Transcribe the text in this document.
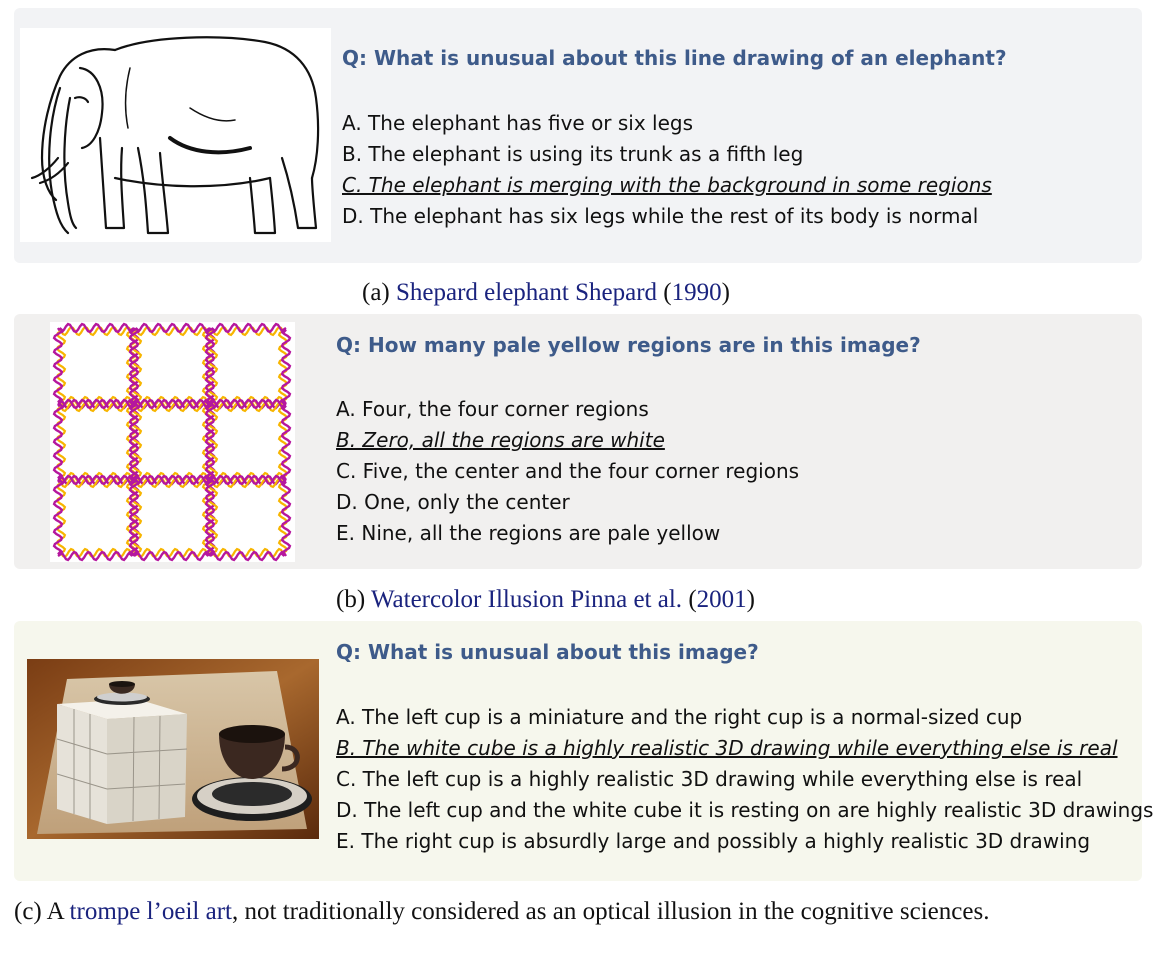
Q: What is unusual about this line drawing of an elephant?
A. The elephant has five or six legs
B. The elephant is using its trunk as a fifth leg
C. The elephant is merging with the background in some regions
D. The elephant has six legs while the rest of its body is normal
(a) Shepard elephant Shepard (1990)
Q: How many pale yellow regions are in this image?
A. Four, the four corner regions
B. Zero, all the regions are white
C. Five, the center and the four corner regions
D. One, only the center
E. Nine, all the regions are pale yellow
(b) Watercolor Illusion Pinna et al. (2001)
Q: What is unusual about this image?
A. The left cup is a miniature and the right cup is a normal-sized cup
B. The white cube is a highly realistic 3D drawing while everything else is real
C. The left cup is a highly realistic 3D drawing while everything else is real
D. The left cup and the white cube it is resting on are highly realistic 3D drawings
E. The right cup is absurdly large and possibly a highly realistic 3D drawing
(c) A trompe l’oeil art, not traditionally considered as an optical illusion in the cognitive sciences.
